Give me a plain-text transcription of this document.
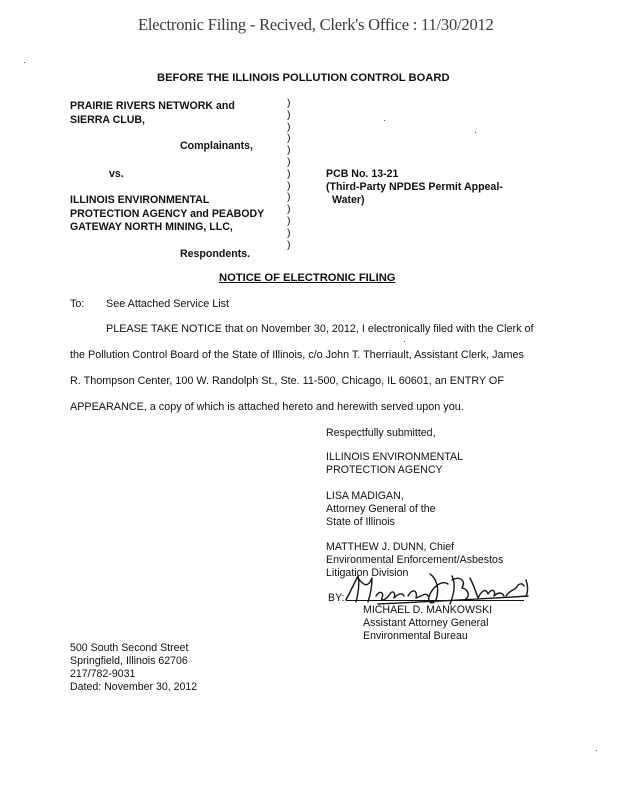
Electronic Filing - Recived, Clerk's Office : 11/30/2012
BEFORE THE ILLINOIS POLLUTION CONTROL BOARD
PRAIRIE RIVERS NETWORK and
SIERRA CLUB,
Complainants,
vs.
ILLINOIS ENVIRONMENTAL
PROTECTION AGENCY and PEABODY
GATEWAY NORTH MINING, LLC,
Respondents.
)
)
)
)
)
)
)
)
)
)
)
)
)
PCB No. 13-21
(Third-Party NPDES Permit Appeal-
Water)
NOTICE OF ELECTRONIC FILING
To: See Attached Service List
PLEASE TAKE NOTICE that on November 30, 2012, I electronically filed with the Clerk of
the Pollution Control Board of the State of Illinois, c/o John T. Therriault, Assistant Clerk, James
R. Thompson Center, 100 W. Randolph St., Ste. 11-500, Chicago, IL 60601, an ENTRY OF
APPEARANCE, a copy of which is attached hereto and herewith served upon you.
Respectfully submitted,
ILLINOIS ENVIRONMENTAL
PROTECTION AGENCY
LISA MADIGAN,
Attorney General of the
State of Illinois
MATTHEW J. DUNN, Chief
Environmental Enforcement/Asbestos
Litigation Division
BY:
MICHAEL D. MANKOWSKI
Assistant Attorney General
Environmental Bureau
500 South Second Street
Springfield, Illinois 62706
217/782-9031
Dated: November 30, 2012
